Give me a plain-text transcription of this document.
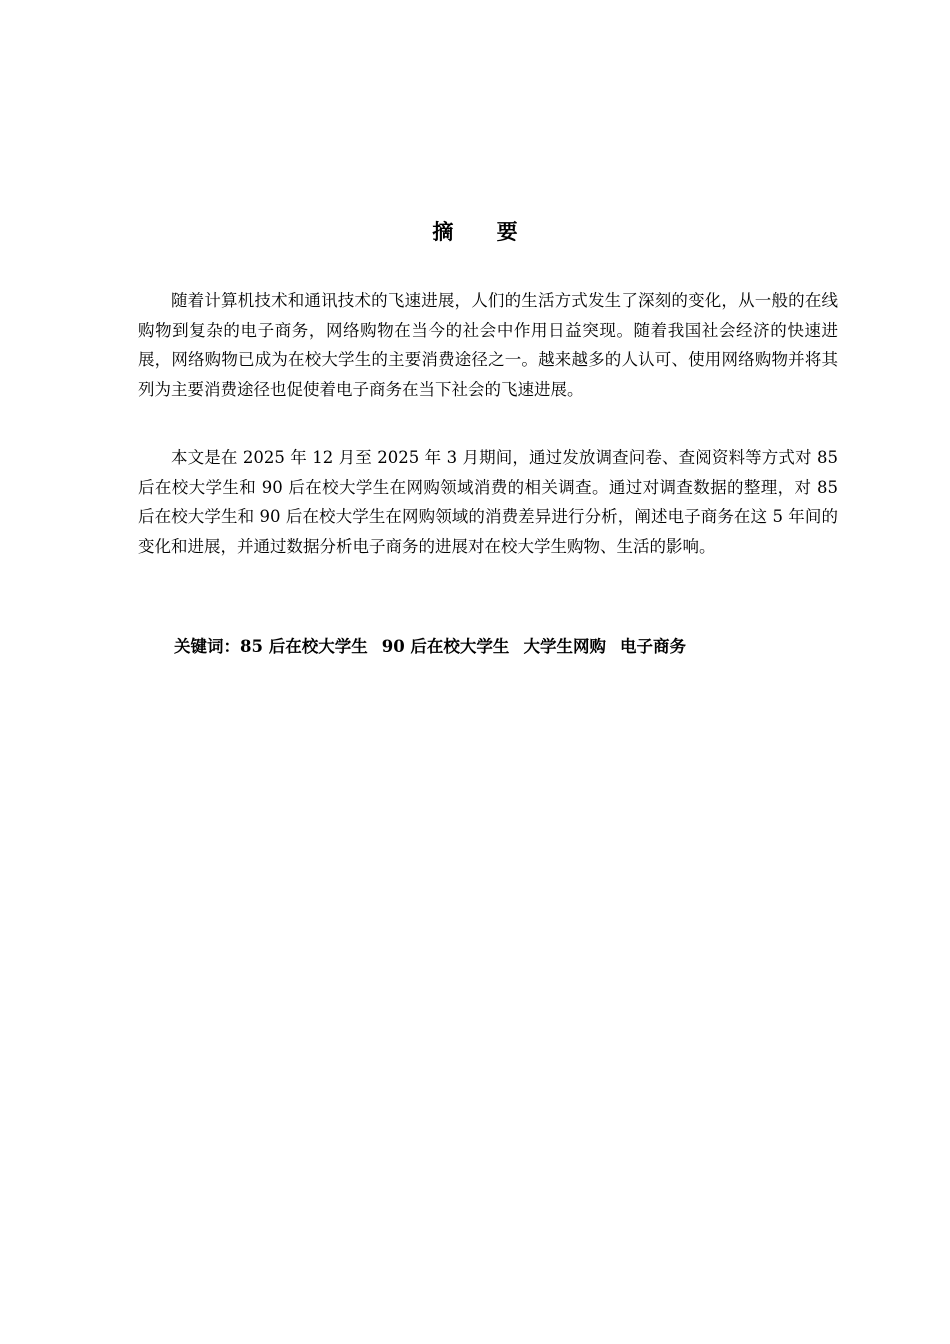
摘 要

随着计算机技术和通讯技术的飞速进展，人们的生活方式发生了深刻的变化，从一般的在线购物到复杂的电子商务，网络购物在当今的社会中作用日益突现。随着我国社会经济的快速进展，网络购物已成为在校大学生的主要消费途径之一。越来越多的人认可、使用网络购物并将其列为主要消费途径也促使着电子商务在当下社会的飞速进展。

本文是在 2025 年 12 月至 2025 年 3 月期间，通过发放调查问卷、查阅资料等方式对 85 后在校大学生和 90 后在校大学生在网购领域消费的相关调查。通过对调查数据的整理，对 85 后在校大学生和 90 后在校大学生在网购领域的消费差异进行分析，阐述电子商务在这 5 年间的变化和进展，并通过数据分析电子商务的进展对在校大学生购物、生活的影响。

关键词：85 后在校大学生 90 后在校大学生 大学生网购 电子商务
